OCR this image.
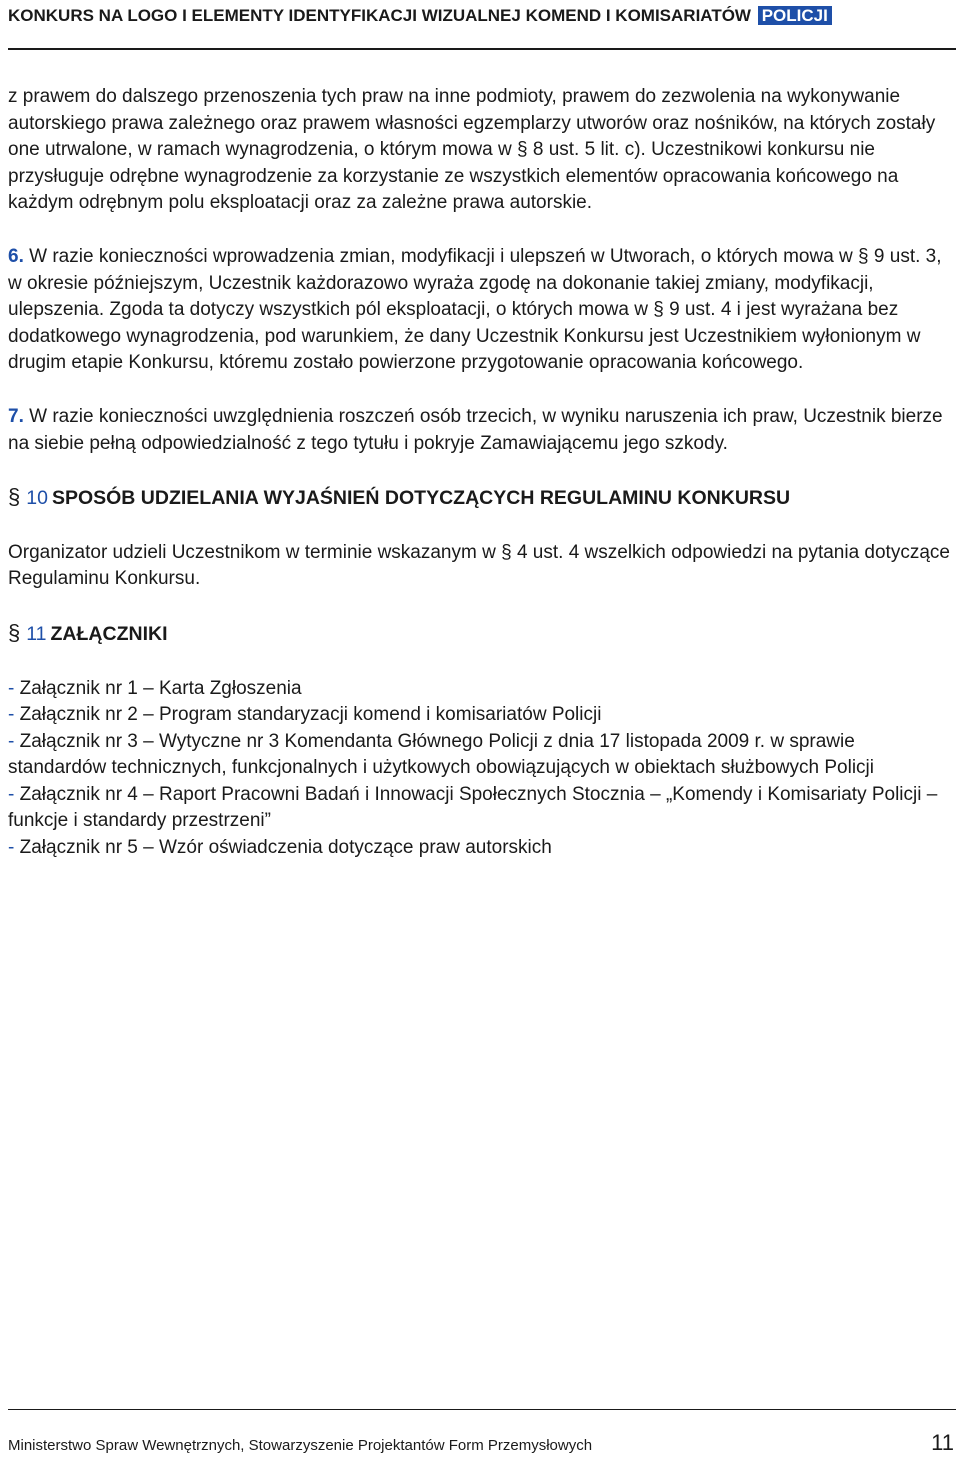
KONKURS NA LOGO I ELEMENTY IDENTYFIKACJI WIZUALNEJ KOMEND I KOMISARIATÓW POLICJI

z prawem do dalszego przenoszenia tych praw na inne podmioty, prawem do zezwolenia na wykonywanie autorskiego prawa zależnego oraz prawem własności egzemplarzy utworów oraz nośników, na których zostały one utrwalone, w ramach wynagrodzenia, o którym mowa w § 8 ust. 5 lit. c). Uczestnikowi konkursu nie przysługuje odrębne wynagrodzenie za korzystanie ze wszystkich elementów opracowania końcowego na każdym odrębnym polu eksploatacji oraz za zależne prawa autorskie.

6. W razie konieczności wprowadzenia zmian, modyfikacji i ulepszeń w Utworach, o których mowa w § 9 ust. 3, w okresie późniejszym, Uczestnik każdorazowo wyraża zgodę na dokonanie takiej zmiany, modyfikacji, ulepszenia. Zgoda ta dotyczy wszystkich pól eksploatacji, o których mowa w § 9 ust. 4 i jest wyrażana bez dodatkowego wynagrodzenia, pod warunkiem, że dany Uczestnik Konkursu jest Uczestnikiem wyłonionym w drugim etapie Konkursu, któremu zostało powierzone przygotowanie opracowania końcowego.

7. W razie konieczności uwzględnienia roszczeń osób trzecich, w wyniku naruszenia ich praw, Uczestnik bierze na siebie pełną odpowiedzialność z tego tytułu i pokryje Zamawiającemu jego szkody.

§ 10 SPOSÓB UDZIELANIA WYJAŚNIEŃ DOTYCZĄCYCH REGULAMINU KONKURSU

Organizator udzieli Uczestnikom w terminie wskazanym w § 4 ust. 4 wszelkich odpowiedzi na pytania dotyczące Regulaminu Konkursu.

§ 11 ZAŁĄCZNIKI
- Załącznik nr 1 – Karta Zgłoszenia
- Załącznik nr 2 – Program standaryzacji komend i komisariatów Policji
- Załącznik nr 3 – Wytyczne nr 3 Komendanta Głównego Policji z dnia 17 listopada 2009 r. w sprawie standardów technicznych, funkcjonalnych i użytkowych obowiązujących w obiektach służbowych Policji
- Załącznik nr 4 – Raport Pracowni Badań i Innowacji Społecznych Stocznia – „Komendy i Komisariaty Policji – funkcje i standardy przestrzeni”
- Załącznik nr 5 – Wzór oświadczenia dotyczące praw autorskich
Ministerstwo Spraw Wewnętrznych, Stowarzyszenie Projektantów Form Przemysłowych	11
